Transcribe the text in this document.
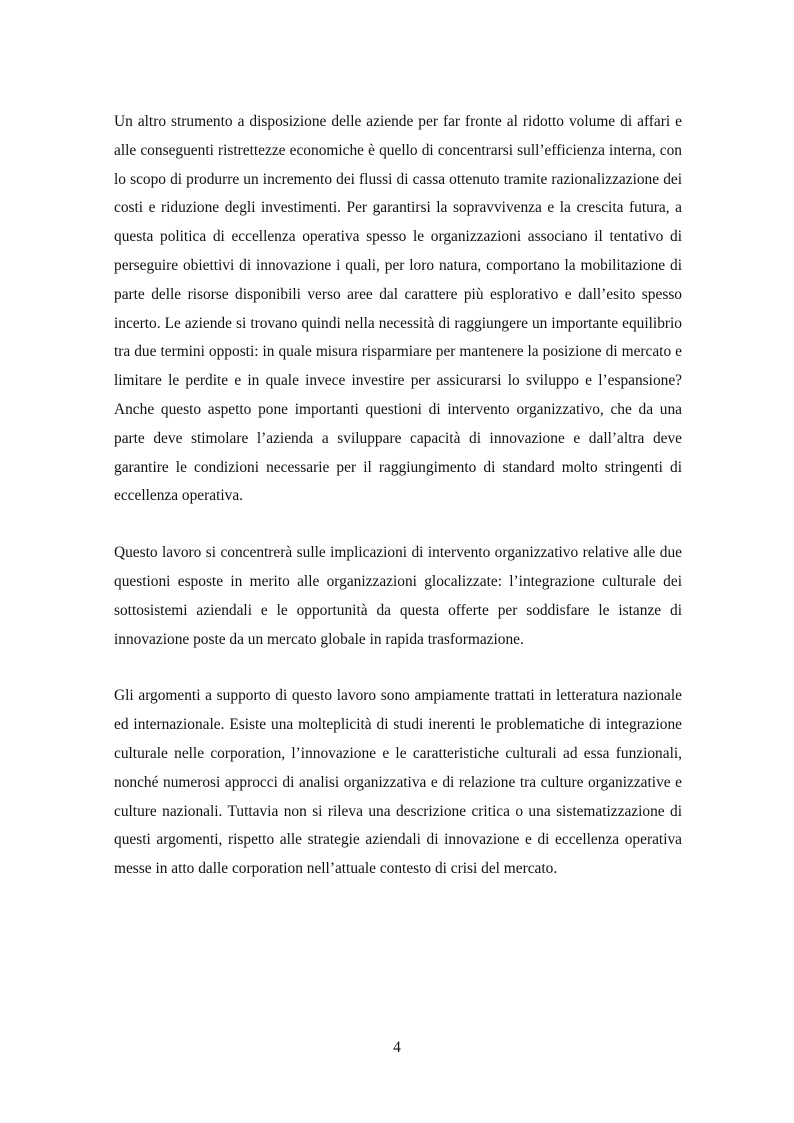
Un altro strumento a disposizione delle aziende per far fronte al ridotto volume di affari e alle conseguenti ristrettezze economiche è quello di concentrarsi sull’efficienza interna, con lo scopo di produrre un incremento dei flussi di cassa ottenuto tramite razionalizzazione dei costi e riduzione degli investimenti. Per garantirsi la sopravvivenza e la crescita futura, a questa politica di eccellenza operativa spesso le organizzazioni associano il tentativo di perseguire obiettivi di innovazione i quali, per loro natura, comportano la mobilitazione di parte delle risorse disponibili verso aree dal carattere più esplorativo e dall’esito spesso incerto. Le aziende si trovano quindi nella necessità di raggiungere un importante equilibrio tra due termini opposti: in quale misura risparmiare per mantenere la posizione di mercato e limitare le perdite e in quale invece investire per assicurarsi lo sviluppo e l’espansione? Anche questo aspetto pone importanti questioni di intervento organizzativo, che da una parte deve stimolare l’azienda a sviluppare capacità di innovazione e dall’altra deve garantire le condizioni necessarie per il raggiungimento di standard molto stringenti di eccellenza operativa.

Questo lavoro si concentrerà sulle implicazioni di intervento organizzativo relative alle due questioni esposte in merito alle organizzazioni glocalizzate: l’integrazione culturale dei sottosistemi aziendali e le opportunità da questa offerte per soddisfare le istanze di innovazione poste da un mercato globale in rapida trasformazione.

Gli argomenti a supporto di questo lavoro sono ampiamente trattati in letteratura nazionale ed internazionale. Esiste una molteplicità di studi inerenti le problematiche di integrazione culturale nelle corporation, l’innovazione e le caratteristiche culturali ad essa funzionali, nonché numerosi approcci di analisi organizzativa e di relazione tra culture organizzative e culture nazionali. Tuttavia non si rileva una descrizione critica o una sistematizzazione di questi argomenti, rispetto alle strategie aziendali di innovazione e di eccellenza operativa messe in atto dalle corporation nell’attuale contesto di crisi del mercato.

4
